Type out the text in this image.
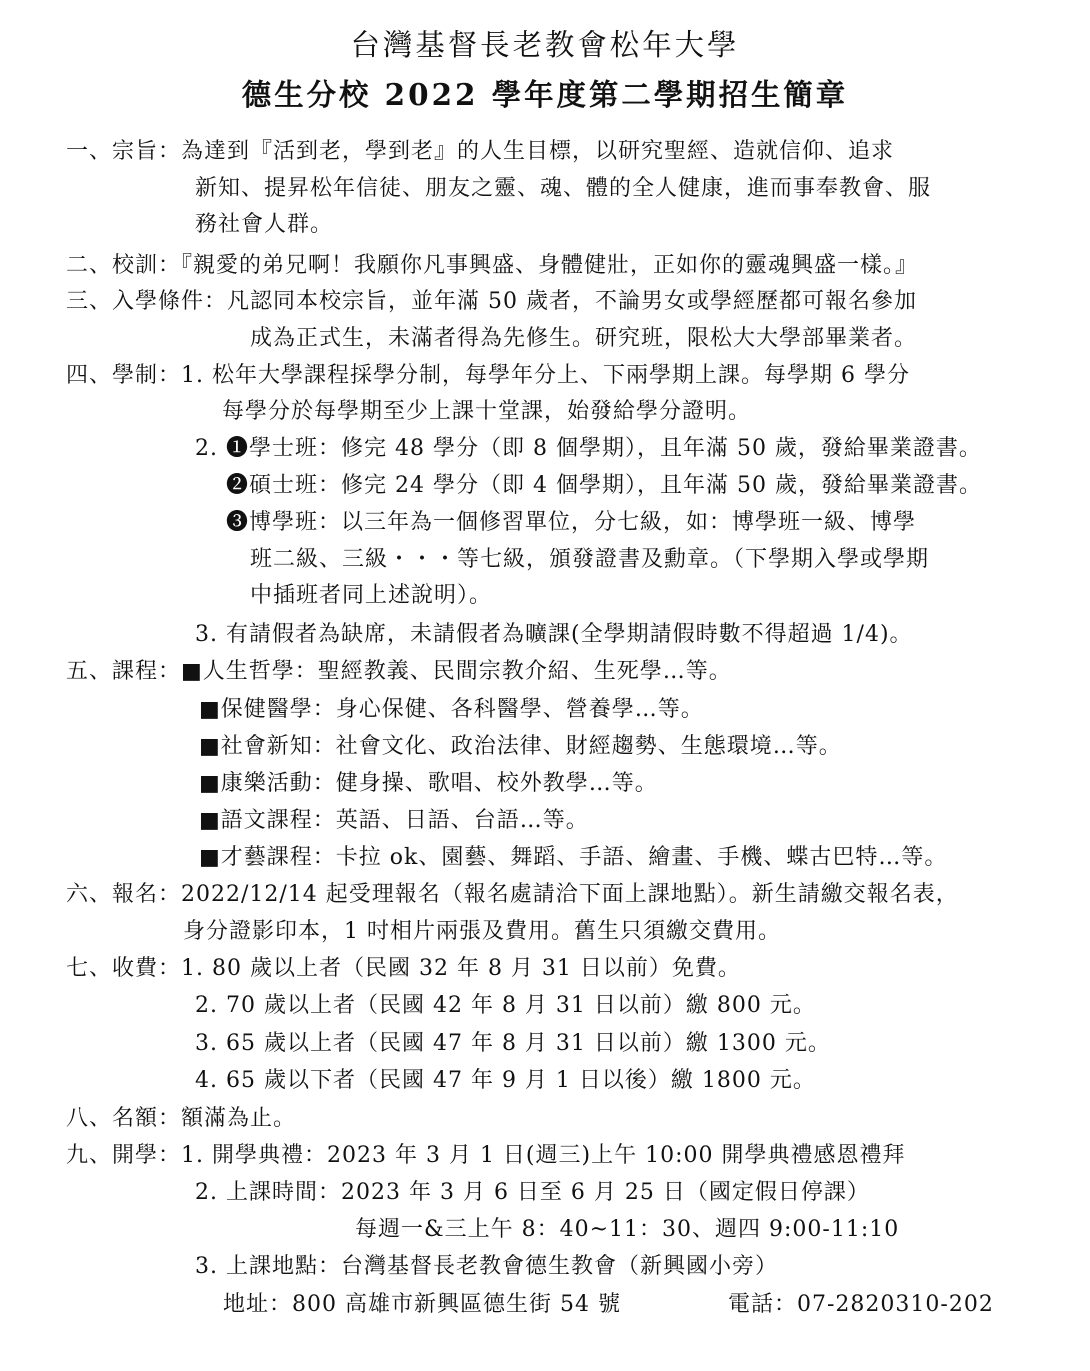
台灣基督長老教會松年大學
德生分校 2022 學年度第二學期招生簡章
一、宗旨：為達到『活到老，學到老』的人生目標，以研究聖經、造就信仰、追求
新知、提昇松年信徒、朋友之靈、魂、體的全人健康，進而事奉教會、服
務社會人群。
二、校訓：『親愛的弟兄啊！我願你凡事興盛、身體健壯，正如你的靈魂興盛一樣。』
三、入學條件：凡認同本校宗旨，並年滿 50 歲者，不論男女或學經歷都可報名參加
成為正式生，未滿者得為先修生。研究班，限松大大學部畢業者。
四、學制：1. 松年大學課程採學分制，每學年分上、下兩學期上課。每學期 6 學分
每學分於每學期至少上課十堂課，始發給學分證明。
2. ❶學士班：修完 48 學分（即 8 個學期），且年滿 50 歲，發給畢業證書。
❷碩士班：修完 24 學分（即 4 個學期），且年滿 50 歲，發給畢業證書。
❸博學班：以三年為一個修習單位，分七級，如：博學班一級、博學
班二級、三級・・・等七級，頒發證書及勳章。（下學期入學或學期
中插班者同上述說明）。
3. 有請假者為缺席，未請假者為曠課(全學期請假時數不得超過 1/4)。
五、課程：■人生哲學：聖經教義、民間宗教介紹、生死學…等。
■保健醫學：身心保健、各科醫學、營養學…等。
■社會新知：社會文化、政治法律、財經趨勢、生態環境…等。
■康樂活動：健身操、歌唱、校外教學…等。
■語文課程：英語、日語、台語…等。
■才藝課程：卡拉 ok、園藝、舞蹈、手語、繪畫、手機、蝶古巴特…等。
六、報名：2022/12/14 起受理報名（報名處請洽下面上課地點）。新生請繳交報名表，
身分證影印本，1 吋相片兩張及費用。舊生只須繳交費用。
七、收費：1. 80 歲以上者（民國 32 年 8 月 31 日以前）免費。
2. 70 歲以上者（民國 42 年 8 月 31 日以前）繳 800 元。
3. 65 歲以上者（民國 47 年 8 月 31 日以前）繳 1300 元。
4. 65 歲以下者（民國 47 年 9 月 1 日以後）繳 1800 元。
八、名額：額滿為止。
九、開學：1. 開學典禮：2023 年 3 月 1 日(週三)上午 10:00 開學典禮感恩禮拜
2. 上課時間：2023 年 3 月 6 日至 6 月 25 日（國定假日停課）
每週一&三上午 8：40~11：30、週四 9:00-11:10
3. 上課地點：台灣基督長老教會德生教會（新興國小旁）
地址：800 高雄市新興區德生街 54 號	電話：07-2820310-202
